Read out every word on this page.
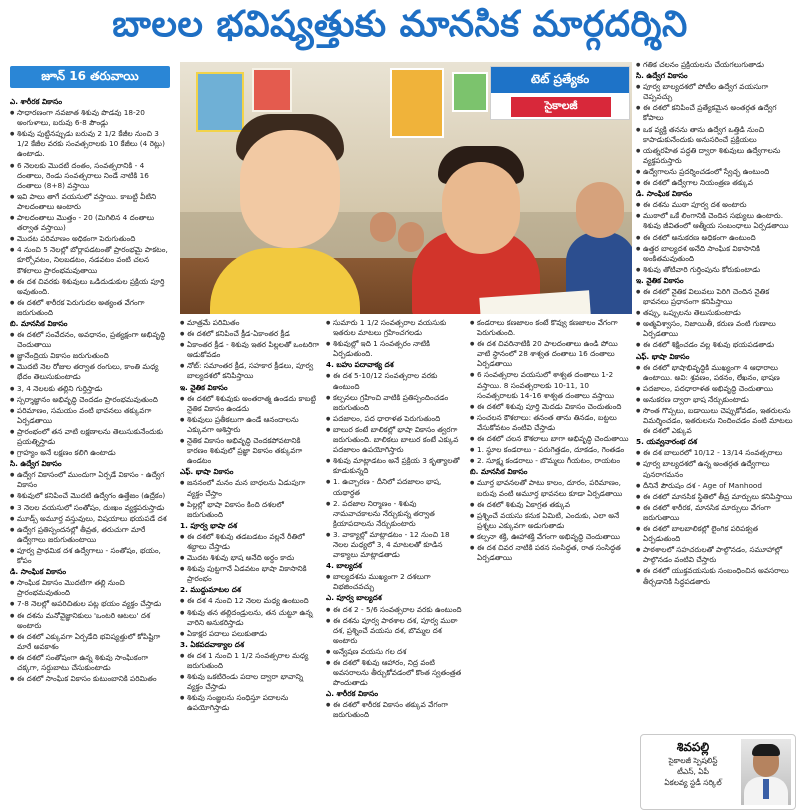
బాలల భవిష్యత్తుకు మానసిక మార్గదర్శిని
జూన్ 16 తరువాయి

ఎ. శారీరక వికాసం

● సాధారణంగా నవజాత శిశువు పొడవు 18-20 అంగుళాలు, బరువు 6-8 పౌండ్లు

● శిశువు పుట్టినప్పుడు బరువు 2 1/2 కేజీల నుంచి 3 1/2 కేజీల వరకు సంవత్సరాలకు 10 కేజీలు (4 రెట్లు) ఉంటాడు.

● 6 నెలలకు మొదటి దంతం, సంవత్సరానికి - 4 దంతాలు, రెండు సంవత్సరాలు నిండే నాటికి 16 దంతాలు (8+8) వస్తాయి

● ఇవి పాలు తాగే వయసులో వస్తాయి. కాబట్టి వీటిని పాలదంతాలు అంటారు

● పాలదంతాలు మొత్తం - 20 (మిగిలిన 4 దంతాలు తర్వాత వస్తాయి)

● మొదట పరిమాణం అధికంగా పెరుగుతుంది

● 4 నుంచి 5 నెలల్లో బోర్లాపడటంతో ప్రారంభమై పాకటం, కూర్చోవటం, నిలబడటం, నడవటం వంటి చలన కౌశలాలు ప్రారంభమవుతాయి

● ఈ దశ చివరకు శిశువులు ఒడిదుడుకుల ప్రక్రియ పూర్తి అవుతుంది.

● ఈ దశలో శారీరక పెరుగుదల అత్యంత వేగంగా జరుగుతుంది

బి. మానసిక వికాసం

● ఈ దశలో సంవేదనం, అవధానం, ప్రత్యక్షంగా అభివృద్ధి చెందుతాయి

● జ్ఞానేంద్రియ వికాసం జరుగుతుంది

● మొదటి నెల రోజుల తర్వాత రంగులు, కాంతి మధ్య భేదం తెలుసుకుంటాడు

● 3, 4 నెలలకు తల్లిని గుర్తిస్తాడు

● స్పర్శాజ్ఞానం అభివృద్ధి చెందడం ప్రారంభమవుతుంది

● పరిమాణం, సమయం వంటి భావనలు తక్కువగా ఏర్పడతాయి

● ప్రారంభంలో తన వాటి లక్షణాలను తెలుసుకునేందుకు ప్రయత్నిస్తాడు

● గ్రాహ్యం అనే లక్షణం కలిగి ఉంటాడు

సి. ఉద్వేగ వికాసం

● ఉద్వేగ వికాసంలో ముందుగా ఏర్పడే వికాసం - ఉద్వేగ వికాసం

● శిశువులో కనిపించే మొదటి ఉద్వేగం ఉత్తేజం (ఉద్రేకం)

● 3 నెలల వయసులో సంతోషం, దుఃఖం వ్యక్తపరుస్తాడు

● మూడ్స్ అమూర్త వస్తువులు, విషయాలు భయపడే దశ

● ఉద్వేగ ప్రతిస్పందనల్లో తీవ్రత, తరుచుగా మారే ఉద్వేగాలు జరుగుతుంటాయి

● పూర్వ ప్రాథమిక దశ ఉద్వేగాలు - సంతోషం, భయం, కోపం

డి. సాంఘిక వికాసం

● సాంఘిక వికాసం మొదటిగా తల్లి నుంచి ప్రారంభమవుతుంది

● 7-8 నెలల్లో అపరిచితుల పట్ల భయం వ్యక్తం చేస్తాడు

● ఈ దశను మనోవైజ్ఞానికులు 'ఒంటరి ఆటలు' దశ అంటారు

● ఈ దశలో ఎక్కువగా ఏర్పడేది భవిష్యత్తులో కోపిష్టిగా మారే అవకాశం

● ఈ దశలో సంతోషంగా ఉన్న శిశువు సాంఘికంగా చక్కగా, సర్దుబాటు చేసుకుంటాడు

● ఈ దశలో సాంఘిక వికాసం కుటుంబానికి పరిమితం

టెట్ ప్రత్యేకం
సైకాలజీ

● మాత్రమే పరిమితం

● ఈ దశలో కనిపించే క్రీడ-ఏకాంతర క్రీడ

● ఏకాంతర క్రీడ - శిశువు ఇతర పిల్లలతో ఒంటరిగా ఆడుకోవడం

● నోట్: సమాంతర క్రీడ, సహకార క్రీడలు, పూర్వ బాల్యదశలో కనిపిస్తాయి

ఇ. నైతిక వికాసం

● ఈ దశలో శిశువుకు అంతరాత్మ ఉండదు కాబట్టి నైతిక వికాసం ఉండదు

● శిశువులు ప్రతీకలుగా ఉండే ఆనందాలను ఎక్కువగా ఆశిస్తారు

● నైతిక వికాసం అభివృద్ధి చెందకపోవటానికి కారణం శిశువులో ప్రజ్ఞా వికాసం తక్కువగా ఉండటం

ఎఫ్. భాషా వికాసం

● జననంలో మనం మన బాధలను ఏడుపుగా వ్యక్తం చేస్తాం

● పిల్లల్లో భాషా వికాసం కింది దశలలో జరుగుతుంది

1. పూర్వ భాషా దశ

● ఈ దశలో శిశువు తడబడటం వల్లనే రీతిలో శబ్దాలు చేస్తాడు

● మొదట శిశువు భాష అనేది అర్థం కాదు

● శిశువు పుట్టగానే ఏడవటం భాషా వికాసానికి ప్రారంభం

2. ముద్దుమాటల దశ

● ఈ దశ 4 నుంచి 12 నెలల మధ్య ఉంటుంది

● శిశువు తన తల్లిదండ్రులను, తన చుట్టూ ఉన్న వారిని అనుకరిస్తాడు

● ఏకాక్షర పదాలు పలుకుతాడు

3. ఏకపదవాక్యాల దశ

● ఈ దశ 1 నుంచి 1 1/2 సంవత్సరాల మధ్య జరుగుతుంది

● శిశువు ఒకటిరెండు పదాల ద్వారా భావాన్ని వ్యక్తం చేస్తాడు

● శిశువు సంజ్ఞలను సంధిస్తూ పదాలను ఉపయోగిస్తాడు

● సుమారు 1 1/2 సంవత్సరాల వయసుకు ఇతరుల మాటలు గ్రహించగలడు

● శిశువుల్లో ఇది 1 సంవత్సరం నాటికి ఏర్పడుతుంది.

4. బహు పదావాక్య దశ

● ఈ దశ 5-10/12 సంవత్సరాల వరకు ఉంటుంది

● కల్పనలు గ్రహించి వాటికి ప్రతిస్పందించడం జరుగుతుంది

● పదజాలం, పద ధారాళత పెరుగుతుంది

● బాలుర కంటే బాలికల్లో భాషా వికాసం త్వరగా జరుగుతుంది. బాలికలు బాలుర కంటే ఎక్కువ పదజాలం ఉపయోగిస్తారు

● శిశువు మాట్లాడటం అనే ప్రక్రియ 3 కృత్యాలతో కూడుకున్నది

● 1. ఉచ్చారణ - దీనిలో పదజాలం భాష, యథార్థత

● 2. పదజాల నిర్మాణం - శిశువు నామవాచకాలను నేర్చుకున్న తర్వాత క్రియాపదాలను నేర్చుకుంటారు

● 3. వాక్యాల్లో మాట్లాడటం - 12 నుంచి 18 నెలల మధ్యలో 3, 4 మాటలతో కూడిన వాక్యాలు మాట్లాడతాడు

4. బాల్యదశ

● బాల్యదశను ముఖ్యంగా 2 దశలుగా విభజించవచ్చు

ఎ. పూర్వ బాల్యదశ

● ఈ దశ 2 - 5/6 సంవత్సరాల వరకు ఉంటుంది

● ఈ దశను పూర్వ పాఠశాల దశ, పూర్వ ముఠా దశ, ప్రశ్నించే వయసు దశ, బొమ్మల దశ అంటారు

● అన్వేషణ వయసు గల దశ

● ఈ దశలో శిశువు ఆహారం, నిద్ర వంటి అవసరాలను తీర్చుకోవడంలో కొంత స్వతంత్రత పొందుతాడు

ఎ. శారీరక వికాసం

● ఈ దశలో శారీరక వికాసం తక్కువ వేగంగా జరుగుతుంది

● కండరాలు కణజాలం కంటే కొవ్వు కణజాలం వేగంగా పెరుగుతుంది.

● ఈ దశ చివరినాటికి 20 పాలదంతాలు ఉండి పోయి వాటి స్థానంలో 28 శాశ్వత దంతాలు 16 దంతాలు ఏర్పడతాయి

● 6 సంవత్సరాల వయసులో శాశ్వత దంతాలు 1-2 వస్తాయి. 8 సంవత్సరాలకు 10-11, 10 సంవత్సరాలకు 14-16 శాశ్వత దంతాలు వస్తాయి

● ఈ దశలో శిశువు పూర్తి మెదడు వికాసం చెందుతుంది

● సంచలన కౌశలాలు: తనంత తాను తినడం, బట్టలు వేసుకోవటం వంటివి చేస్తాడు

● ఈ దశలో చలన కౌశలాలు బాగా అభివృద్ధి చెందుతాయి

● 1. స్థూల కండరాలు - పరుగెత్తడం, దూకడం, గెంతడం

● 2. సూక్ష్మ కండరాలు - బొమ్మలు గీయటం, రాయటం

బి. మానసిక వికాసం

● మూర్త భావనలతో పాటు కాలం, దూరం, పరిమాణం, బరువు వంటి అమూర్త భావనలు కూడా ఏర్పడతాయి

● ఈ దశలో శిశువు ఏకాగ్రత తక్కువ

● ప్రశ్నించే వయసు కనుక ఏమిటి, ఎందుకు, ఎలా అనే ప్రశ్నలు ఎక్కువగా అడుగుతాడు

● కల్పనా శక్తి, ఊహాశక్తి వేగంగా అభివృద్ధి చెందుతాయి

● ఈ దశ చివర నాటికి పఠన సంసిద్ధత, రాత సంసిద్ధత ఏర్పడతాయి

● గతిక చలనం ప్రక్రియలను చేయగలుగుతాడు

సి. ఉద్వేగ వికాసం

● పూర్వ బాల్యదశలో పోటీల ఉద్వేగ వయసుగా చెప్పవచ్చు

● ఈ దశలో కనిపించే ప్రత్యేకమైన అంతర్గత ఉద్వేగ కోపాలు

● ఒక వ్యక్తి తనను తాను ఉద్వేగ ఒత్తిడి నుంచి కాపాడుకునేందుకు అనుసరించే ప్రక్రియలు

● యత్నరహిత పద్ధతి ద్వారా శిశువులు ఉద్వేగాలను వ్యక్తపరుస్తారు

● ఉద్వేగాలను ప్రదర్శించడంలో స్వేచ్ఛ ఉంటుంది

● ఈ దశలో ఉద్వేగాల నియంత్రణ తక్కువ

డి. సాంఘిక వికాసం

● ఈ దశను ముఠా పూర్వ దశ అంటారు

● ముఠాలో ఒకే లింగానికి చెందిన సభ్యులు ఉంటారు. శిశువు జీవితంలో ఆత్మీయ సంబంధాలు ఏర్పడతాయి

● ఈ దశలో అనుకరణ అధికంగా ఉంటుంది

● ఉత్తర బాల్యదశ అనేది సాంఘిక వికాసానికి అంకితమవుతుంది

● శిశువు తోటివారి గుర్తింపును కోరుకుంటాడు

ఇ. నైతిక వికాసం

● ఈ దశలో నైతిక విలువలు పెరిగి చెందిన నైతిక భావనలు ప్రధానంగా కనిపిస్తాయి

● తప్పు, ఒప్పులను తెలుసుకుంటాడు

● అత్మవిశ్వాసం, నిజాయితీ, కరుణ వంటి గుణాలు ఏర్పడతాయి

● ఈ దశలో శిక్షించడం వల్ల శిశువు భయపడతాడు

ఎఫ్. భాషా వికాసం

● ఈ దశలో భాషాభివృద్ధికి ముఖ్యంగా 4 ఆధారాలు ఉంటాయి. అవి: శ్రవణం, పఠనం, లేఖనం, భాషణ

● పదజాలం, పదధారాళత అభివృద్ధి చెందుతాయి

● అనుకరణ ద్వారా భాష నేర్చుకుంటాడు

● సొంత గొప్పలు, బడాయిలు చెప్పుకోవడం, ఇతరులను విమర్శించడం, ఇతరులను నిందించడం వంటి మాటలు ఈ దశలో ఎక్కువ

5. యవ్వనారంభ దశ

● ఈ దశ బాలురలో 10/12 - 13/14 సంవత్సరాలు

● పూర్వ బాల్యదశలో ఉన్న అంతర్గత ఉద్వేగాలు పునరాగమనం

● దీనినే పౌరుషం దశ - Age of Manhood

● ఈ దశలో మానసిక స్థితిలో తీవ్ర మార్పులు కనిపిస్తాయి

● ఈ దశలో శారీరక, మానసిక మార్పులు వేగంగా జరుగుతాయి

● ఈ దశలో బాలబాలికల్లో లైంగిక పరిపక్వత ఏర్పడుతుంది

● పాఠశాలలో సహచరులతో పాల్గొనడం, సమూహాల్లో పాల్గొనడం వంటివి చేస్తారు

● ఈ దశలో యుక్తవయసుకు సంబంధించిన అవసరాలు తీర్చడానికి సిద్ధపడతారు

శివపల్లి
సైకాలజీ స్పెషలిస్ట్
టీఎస్, ఏపీ
ఏకలవ్య స్టడీ సర్కిల్
